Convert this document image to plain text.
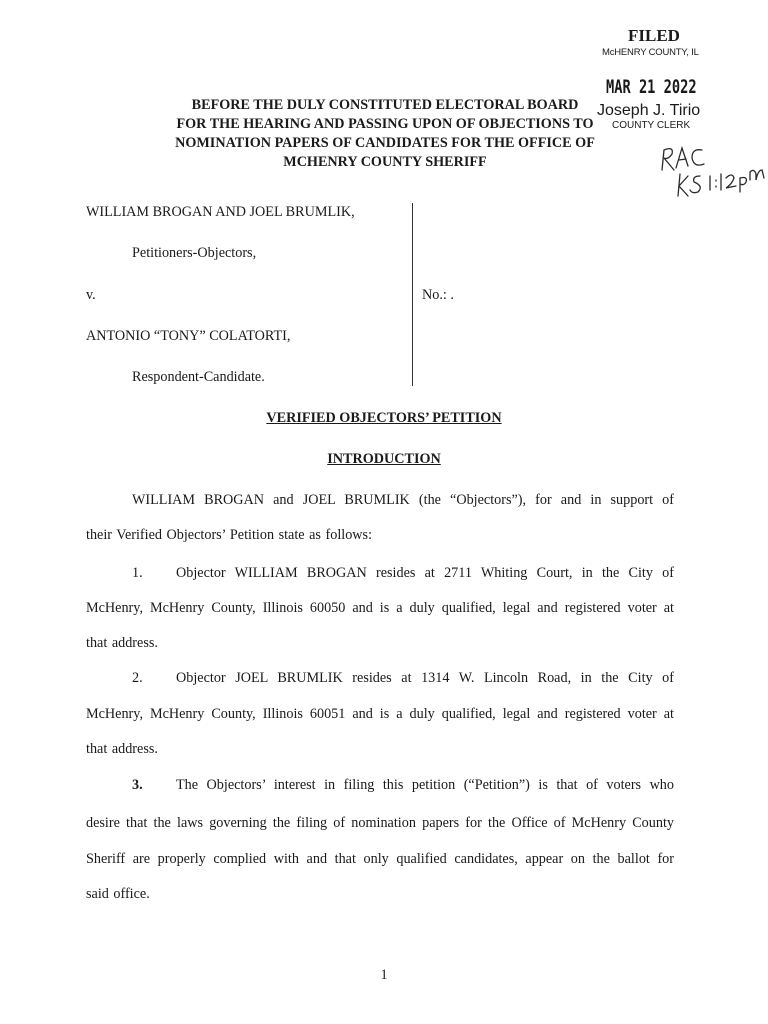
FILED
McHENRY COUNTY, IL
MAR 21 2022
Joseph J. Tirio
COUNTY CLERK
BEFORE THE DULY CONSTITUTED ELECTORAL BOARD
FOR THE HEARING AND PASSING UPON OF OBJECTIONS TO
NOMINATION PAPERS OF CANDIDATES FOR THE OFFICE OF
MCHENRY COUNTY SHERIFF
WILLIAM BROGAN AND JOEL BRUMLIK,
Petitioners-Objectors,
v.	No.: .
ANTONIO “TONY” COLATORTI,
Respondent-Candidate.
VERIFIED OBJECTORS’ PETITION
INTRODUCTION
WILLIAM BROGAN and JOEL BRUMLIK (the “Objectors”), for and in support of
their Verified Objectors’ Petition state as follows:
1. Objector WILLIAM BROGAN resides at 2711 Whiting Court, in the City of
McHenry, McHenry County, Illinois 60050 and is a duly qualified, legal and registered voter at
that address.
2. Objector JOEL BRUMLIK resides at 1314 W. Lincoln Road, in the City of
McHenry, McHenry County, Illinois 60051 and is a duly qualified, legal and registered voter at
that address.
3. The Objectors’ interest in filing this petition (“Petition”) is that of voters who
desire that the laws governing the filing of nomination papers for the Office of McHenry County
Sheriff are properly complied with and that only qualified candidates, appear on the ballot for
said office.
1
